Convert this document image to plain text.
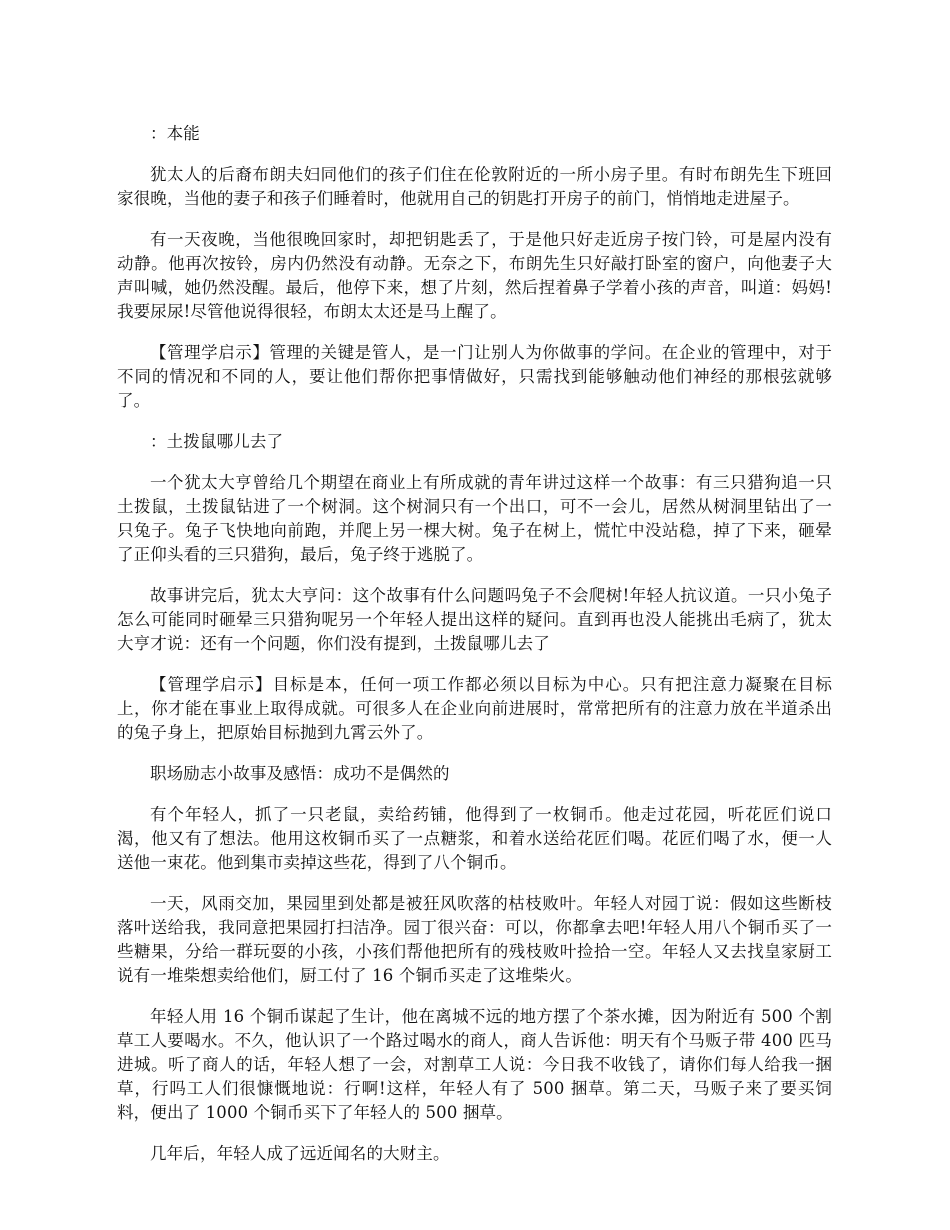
：本能

犹太人的后裔布朗夫妇同他们的孩子们住在伦敦附近的一所小房子里。有时布朗先生下班回家很晚，当他的妻子和孩子们睡着时，他就用自己的钥匙打开房子的前门，悄悄地走进屋子。

有一天夜晚，当他很晚回家时，却把钥匙丢了，于是他只好走近房子按门铃，可是屋内没有动静。他再次按铃，房内仍然没有动静。无奈之下，布朗先生只好敲打卧室的窗户，向他妻子大声叫喊，她仍然没醒。最后，他停下来，想了片刻，然后捏着鼻子学着小孩的声音，叫道：妈妈!我要尿尿!尽管他说得很轻，布朗太太还是马上醒了。

【管理学启示】管理的关键是管人，是一门让别人为你做事的学问。在企业的管理中，对于不同的情况和不同的人，要让他们帮你把事情做好，只需找到能够触动他们神经的那根弦就够了。

：土拨鼠哪儿去了

一个犹太大亨曾给几个期望在商业上有所成就的青年讲过这样一个故事：有三只猎狗追一只土拨鼠，土拨鼠钻进了一个树洞。这个树洞只有一个出口，可不一会儿，居然从树洞里钻出了一只兔子。兔子飞快地向前跑，并爬上另一棵大树。兔子在树上，慌忙中没站稳，掉了下来，砸晕了正仰头看的三只猎狗，最后，兔子终于逃脱了。

故事讲完后，犹太大亨问：这个故事有什么问题吗兔子不会爬树!年轻人抗议道。一只小兔子怎么可能同时砸晕三只猎狗呢另一个年轻人提出这样的疑问。直到再也没人能挑出毛病了，犹太大亨才说：还有一个问题，你们没有提到，土拨鼠哪儿去了

【管理学启示】目标是本，任何一项工作都必须以目标为中心。只有把注意力凝聚在目标上，你才能在事业上取得成就。可很多人在企业向前进展时，常常把所有的注意力放在半道杀出的兔子身上，把原始目标抛到九霄云外了。

职场励志小故事及感悟：成功不是偶然的

有个年轻人，抓了一只老鼠，卖给药铺，他得到了一枚铜币。他走过花园，听花匠们说口渴，他又有了想法。他用这枚铜币买了一点糖浆，和着水送给花匠们喝。花匠们喝了水，便一人送他一束花。他到集市卖掉这些花，得到了八个铜币。

一天，风雨交加，果园里到处都是被狂风吹落的枯枝败叶。年轻人对园丁说：假如这些断枝落叶送给我，我同意把果园打扫洁净。园丁很兴奋：可以，你都拿去吧!年轻人用八个铜币买了一些糖果，分给一群玩耍的小孩，小孩们帮他把所有的残枝败叶捡拾一空。年轻人又去找皇家厨工说有一堆柴想卖给他们，厨工付了 16 个铜币买走了这堆柴火。

年轻人用 16 个铜币谋起了生计，他在离城不远的地方摆了个茶水摊，因为附近有 500 个割草工人要喝水。不久，他认识了一个路过喝水的商人，商人告诉他：明天有个马贩子带 400 匹马进城。听了商人的话，年轻人想了一会，对割草工人说：今日我不收钱了，请你们每人给我一捆草，行吗工人们很慷慨地说：行啊!这样，年轻人有了 500 捆草。第二天，马贩子来了要买饲料，便出了 1000 个铜币买下了年轻人的 500 捆草。

几年后，年轻人成了远近闻名的大财主。
